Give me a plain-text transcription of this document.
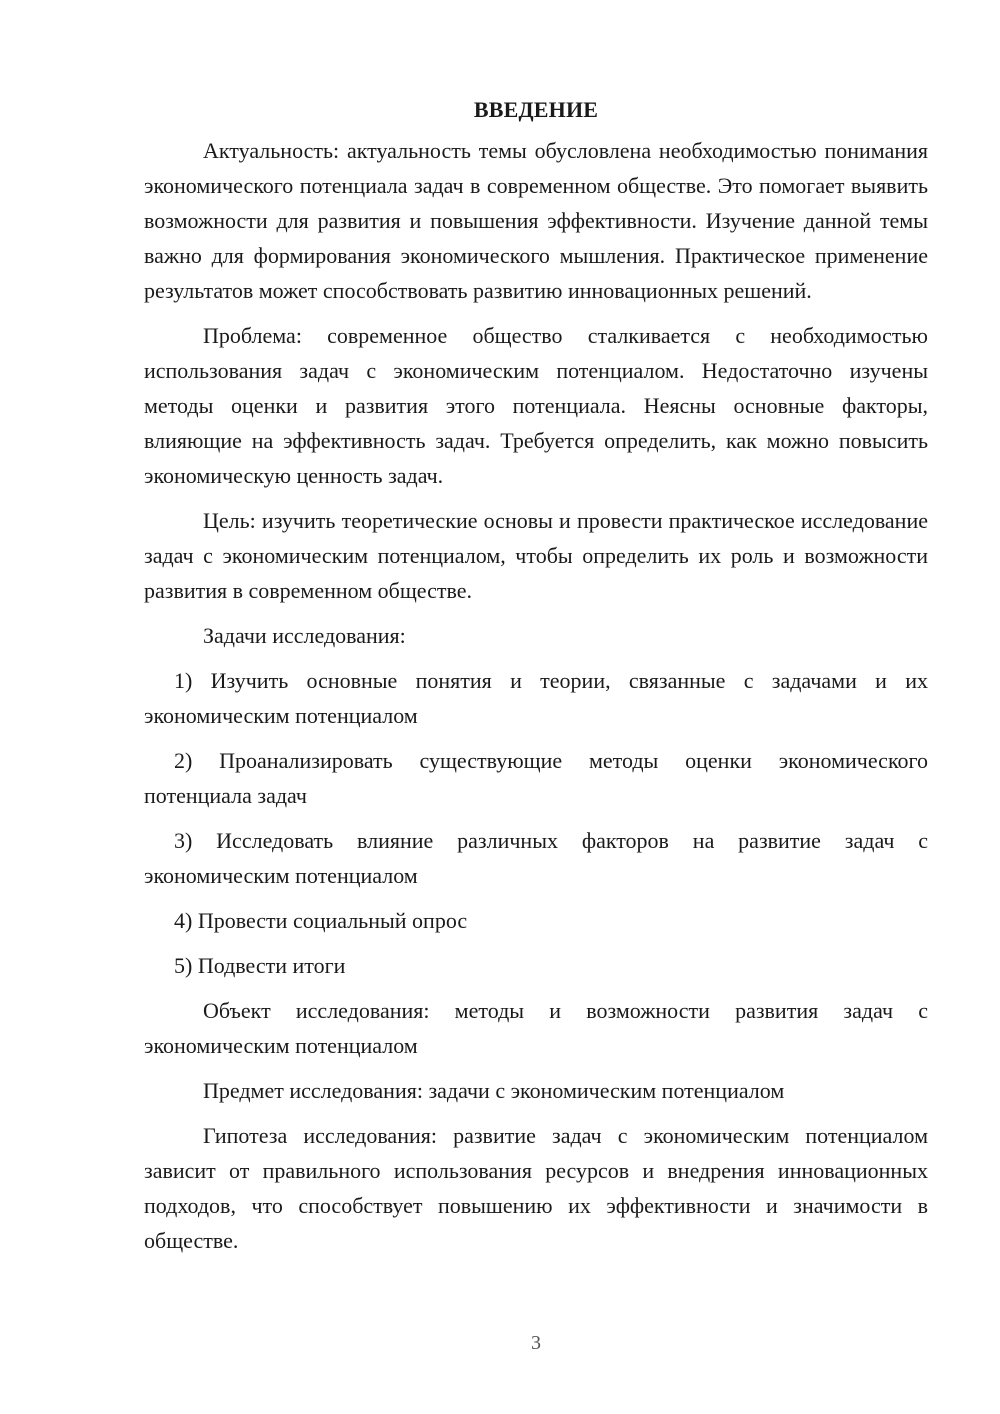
ВВЕДЕНИЕ

Актуальность: актуальность темы обусловлена необходимостью понимания экономического потенциала задач в современном обществе. Это помогает выявить возможности для развития и повышения эффективности. Изучение данной темы важно для формирования экономического мышления. Практическое применение результатов может способствовать развитию инновационных решений.

Проблема: современное общество сталкивается с необходимостью использования задач с экономическим потенциалом. Недостаточно изучены методы оценки и развития этого потенциала. Неясны основные факторы, влияющие на эффективность задач. Требуется определить, как можно повысить экономическую ценность задач.

Цель: изучить теоретические основы и провести практическое исследование задач с экономическим потенциалом, чтобы определить их роль и возможности развития в современном обществе.

Задачи исследования:

1) Изучить основные понятия и теории, связанные с задачами и их экономическим потенциалом

2) Проанализировать существующие методы оценки экономического потенциала задач

3) Исследовать влияние различных факторов на развитие задач с экономическим потенциалом

4) Провести социальный опрос

5) Подвести итоги

Объект исследования: методы и возможности развития задач с экономическим потенциалом

Предмет исследования: задачи с экономическим потенциалом

Гипотеза исследования: развитие задач с экономическим потенциалом зависит от правильного использования ресурсов и внедрения инновационных подходов, что способствует повышению их эффективности и значимости в обществе.

3
